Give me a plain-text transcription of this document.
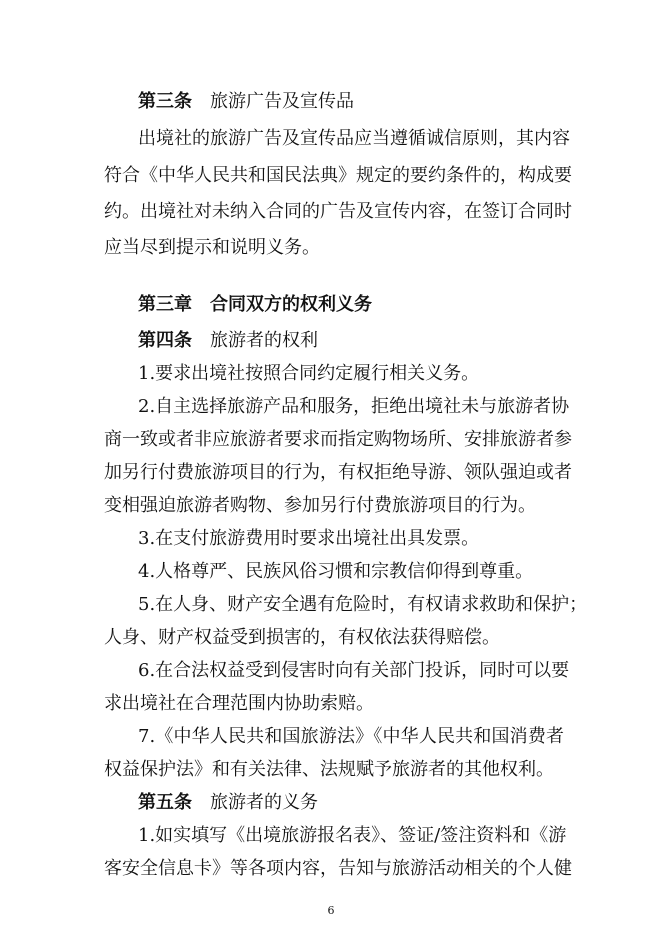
第三条 旅游广告及宣传品
出境社的旅游广告及宣传品应当遵循诚信原则，其内容
符合《中华人民共和国民法典》规定的要约条件的，构成要
约。出境社对未纳入合同的广告及宣传内容，在签订合同时
应当尽到提示和说明义务。
第三章 合同双方的权利义务
第四条 旅游者的权利
1.要求出境社按照合同约定履行相关义务。
2.自主选择旅游产品和服务，拒绝出境社未与旅游者协
商一致或者非应旅游者要求而指定购物场所、安排旅游者参
加另行付费旅游项目的行为，有权拒绝导游、领队强迫或者
变相强迫旅游者购物、参加另行付费旅游项目的行为。
3.在支付旅游费用时要求出境社出具发票。
4.人格尊严、民族风俗习惯和宗教信仰得到尊重。
5.在人身、财产安全遇有危险时，有权请求救助和保护；
人身、财产权益受到损害的，有权依法获得赔偿。
6.在合法权益受到侵害时向有关部门投诉，同时可以要
求出境社在合理范围内协助索赔。
7.《中华人民共和国旅游法》《中华人民共和国消费者
权益保护法》和有关法律、法规赋予旅游者的其他权利。
6
第五条 旅游者的义务
1.如实填写《出境旅游报名表》、签证/签注资料和《游
客安全信息卡》等各项内容，告知与旅游活动相关的个人健
